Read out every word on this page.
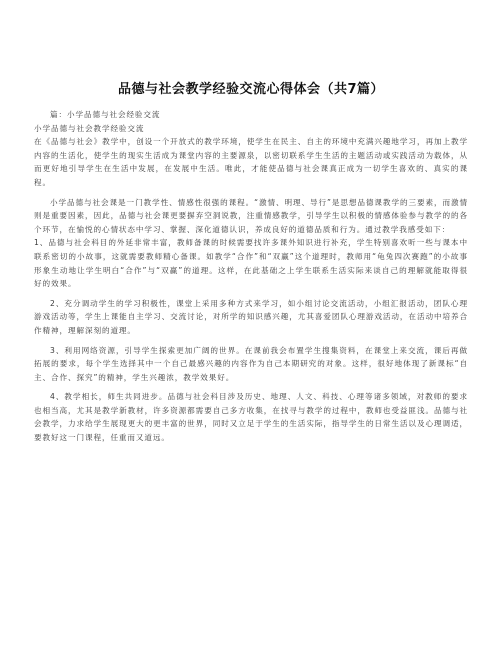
品德与社会教学经验交流心得体会（共7篇）

篇：小学品德与社会经验交流

小学品德与社会教学经验交流

在《品德与社会》教学中，创设一个开放式的教学环境，使学生在民主、自主的环境中充满兴趣地学习，再加上教学内容的生活化，使学生的现实生活成为课堂内容的主要源泉，以密切联系学生生活的主题活动或实践活动为载体，从而更好地引导学生在生活中发展，在发展中生活。唯此，才能使品德与社会课真正成为一切学生喜欢的、真实的课程。

小学品德与社会课是一门教学性、情感性很强的课程。“激情、明理、导行”是思想品德课教学的三要素，而激情则是重要因素，因此，品德与社会课更要摒弃空洞说教，注重情感教学，引导学生以积极的情感体验参与教学的的各个环节，在愉悦的心情状态中学习、掌握、深化道德认识，养成良好的道德品质和行为。通过教学我感受如下：

1、品德与社会科目的外延非常丰富，教师备课的时候需要找许多课外知识进行补充，学生特别喜欢听一些与课本中联系密切的小故事，这就需要教师精心备课。如教学“合作”和“双赢”这个道理时，教师用“龟兔四次赛跑”的小故事形象生动地让学生明白“合作”与“双赢”的道理。这样，在此基础之上学生联系生活实际来谈自己的理解就能取得很好的效果。

2、充分调动学生的学习积极性，课堂上采用多种方式来学习，如小组讨论交流活动，小组汇报活动，团队心理游戏活动等，学生上课能自主学习、交流讨论，对所学的知识感兴趣，尤其喜爱团队心理游戏活动，在活动中培养合作精神，理解深刻的道理。

3、利用网络资源，引导学生探索更加广阔的世界。在课前我会布置学生搜集资料，在课堂上来交流，课后再做拓展的要求，每个学生选择其中一个自己最感兴趣的内容作为自己本期研究的对象。这样，很好地体现了新课标“自主、合作、探究”的精神，学生兴趣浓，教学效果好。

4、教学相长，师生共同进步。品德与社会科目涉及历史、地理、人文、科技、心理等诸多领域，对教师的要求也相当高，尤其是教学新教材，许多资源都需要自己多方收集，在找寻与教学的过程中，教师也受益匪浅。品德与社会教学，力求给学生展现更大的更丰富的世界，同时又立足于学生的生活实际，指导学生的日常生活以及心理调适，要教好这一门课程，任重而又道远。
